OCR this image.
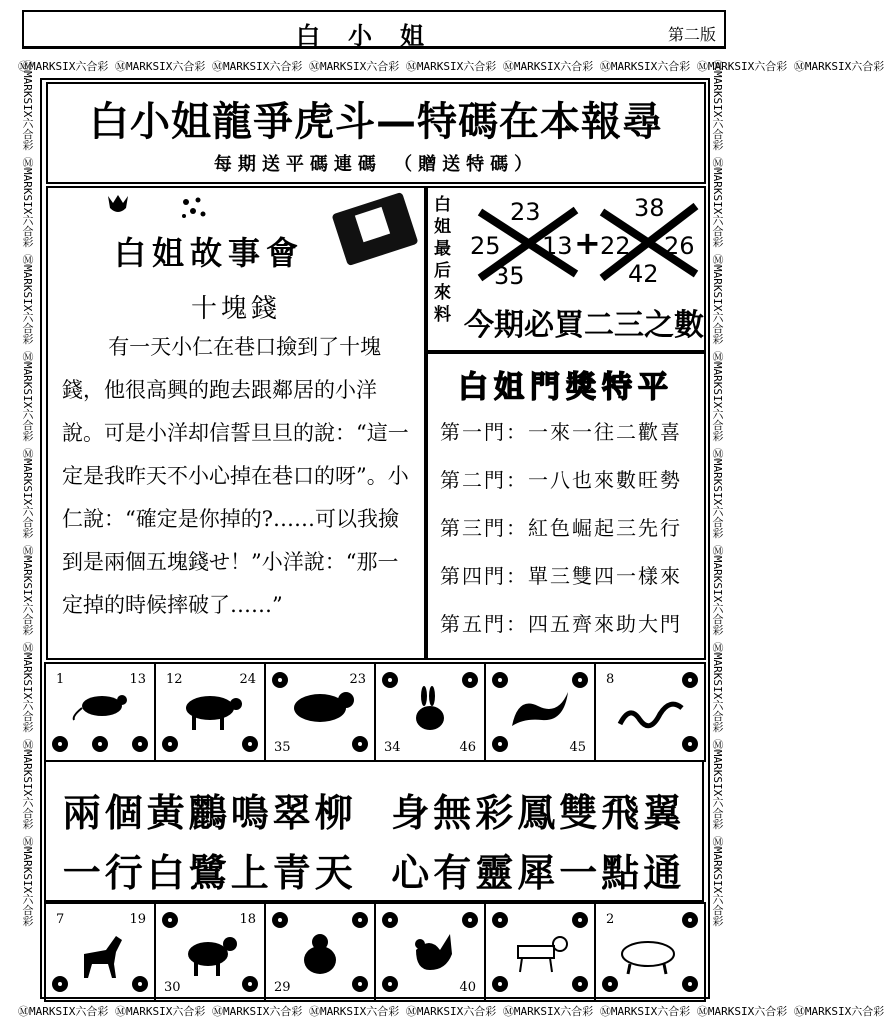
白小姐	第二版
ⓂMARKSIX六合彩 ⓂMARKSIX六合彩 ⓂMARKSIX六合彩 ⓂMARKSIX六合彩 ⓂMARKSIX六合彩 ⓂMARKSIX六合彩 ⓂMARKSIX六合彩 ⓂMARKSIX六合彩 ⓂMARKSIX六合彩
ⓂMARKSIX六合彩 ⓂMARKSIX六合彩 ⓂMARKSIX六合彩 ⓂMARKSIX六合彩 ⓂMARKSIX六合彩 ⓂMARKSIX六合彩 ⓂMARKSIX六合彩 ⓂMARKSIX六合彩 ⓂMARKSIX六合彩
ⓂMARKSIX六合彩 ⓂMARKSIX六合彩 ⓂMARKSIX六合彩 ⓂMARKSIX六合彩 ⓂMARKSIX六合彩 ⓂMARKSIX六合彩 ⓂMARKSIX六合彩 ⓂMARKSIX六合彩 ⓂMARKSIX六合彩	ⓂMARKSIX六合彩 ⓂMARKSIX六合彩 ⓂMARKSIX六合彩 ⓂMARKSIX六合彩 ⓂMARKSIX六合彩 ⓂMARKSIX六合彩 ⓂMARKSIX六合彩 ⓂMARKSIX六合彩 ⓂMARKSIX六合彩
白小姐龍爭虎斗—特碼在本報尋
每期送平碼連碼 （贈送特碼）
白姐故事會
十塊錢
有一天小仁在巷口撿到了十塊錢，他很高興的跑去跟鄰居的小洋說。可是小洋却信誓旦旦的說：“這一定是我昨天不小心掉在巷口的呀”。小仁說：“確定是你掉的?……可以我撿到是兩個五塊錢せ！”小洋說：“那一定掉的時候摔破了……”
白姐最后來料
23
25 13
35
+
38
22 26
42
今期必買二三之數
白姐門獎特平
第一門：一來一往二歡喜
第二門：一八也來數旺勢
第三門：紅色崛起三先行
第四門：單三雙四一樣來
第五門：四五齊來助大門
1	13 12	24	23
35	34	46	45
8
兩個黃鸝鳴翠柳 身無彩鳳雙飛翼
一行白鷺上青天 心有靈犀一點通
7	19	18
30	29	40
2
